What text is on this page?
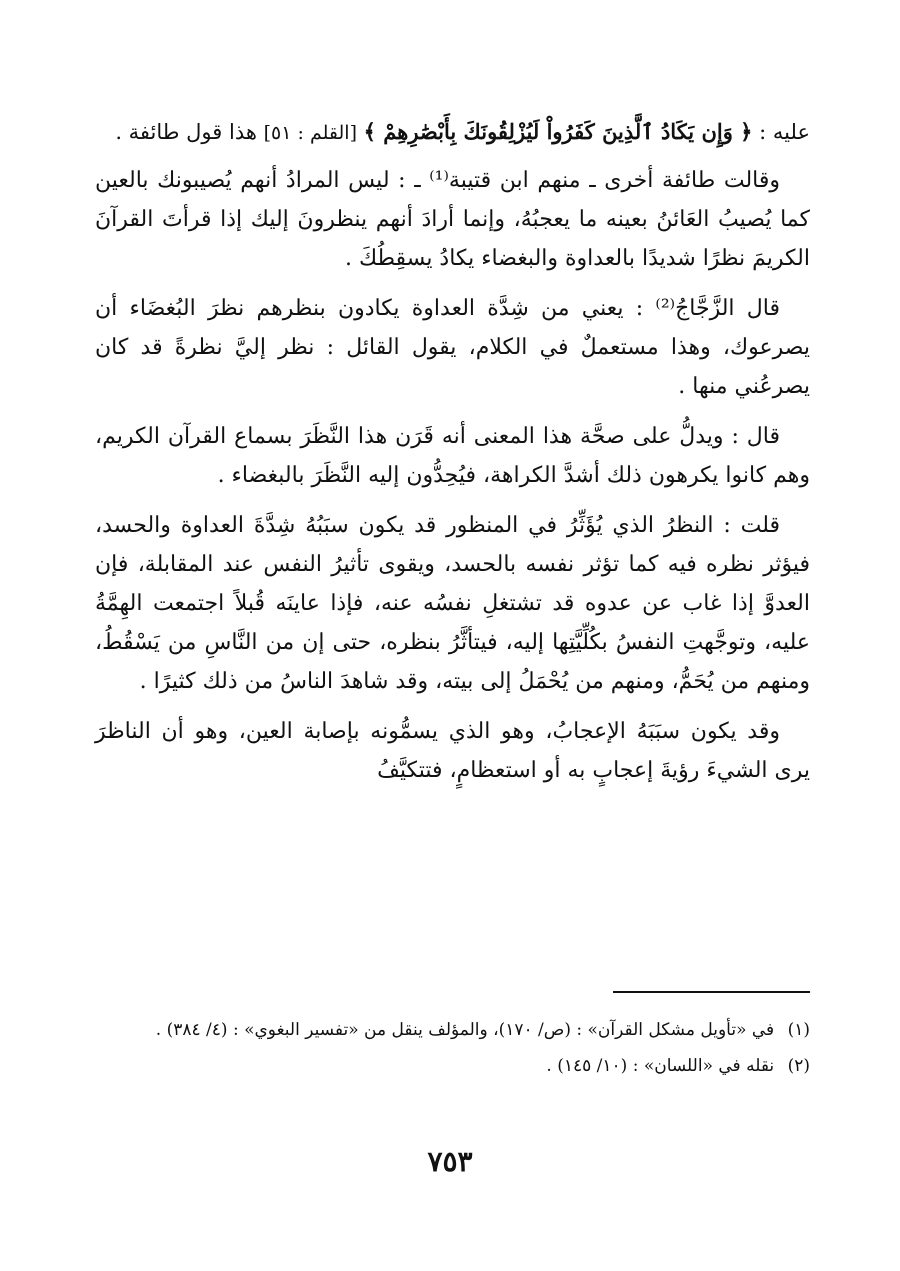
عليه : ﴿ وَإِن يَكَادُ ٱلَّذِينَ كَفَرُواْ لَيُزْلِقُونَكَ بِأَبْصَٰرِهِمْ ﴾ [القلم : ٥١] هذا قول طائفة .

وقالت طائفة أخرى ـ منهم ابن قتيبة⁽¹⁾ ـ : ليس المرادُ أنهم يُصيبونك بالعين كما يُصيبُ العَائنُ بعينه ما يعجبُهُ، وإنما أرادَ أنهم ينظرونَ إليك إذا قرأتَ القرآنَ الكريمَ نظرًا شديدًا بالعداوة والبغضاء يكادُ يسقِطُكَ .

قال الزَّجَّاجُ⁽²⁾ : يعني من شِدَّة العداوة يكادون بنظرهم نظرَ البُغضَاء أن يصرعوك، وهذا مستعملٌ في الكلام، يقول القائل : نظر إليَّ نظرةً قد كان يصرعُني منها .

قال : ويدلُّ على صحَّة هذا المعنى أنه قَرَن هذا النَّظَرَ بسماع القرآن الكريم، وهم كانوا يكرهون ذلك أشدَّ الكراهة، فيُحِدُّون إليه النَّظَرَ بالبغضاء .

قلت : النظرُ الذي يُؤَثِّرُ في المنظور قد يكون سبَبُهُ شِدَّةَ العداوة والحسد، فيؤثر نظره فيه كما تؤثر نفسه بالحسد، ويقوى تأثيرُ النفس عند المقابلة، فإن العدوَّ إذا غاب عن عدوه قد تشتغلِ نفسُه عنه، فإذا عاينَه قُبلاً اجتمعت الهِمَّةُ عليه، وتوجَّهتِ النفسُ بكُلِّيَّتِها إليه، فيتأثَّرُ بنظره، حتى إن من النَّاسِ من يَسْقُطُ، ومنهم من يُحَمُّ، ومنهم من يُحْمَلُ إلى بيته، وقد شاهدَ الناسُ من ذلك كثيرًا .

وقد يكون سبَبَهُ الإعجابُ، وهو الذي يسمُّونه بإصابة العين، وهو أن الناظرَ يرى الشيءَ رؤيةَ إعجابٍ به أو استعظامٍ، فتتكيَّفُ

(١) في «تأويل مشكل القرآن» : (ص/ ١٧٠)، والمؤلف ينقل من «تفسير البغوي» : (٤/ ٣٨٤) .

(٢) نقله في «اللسان» : (١٠/ ١٤٥) .

٧٥٣
